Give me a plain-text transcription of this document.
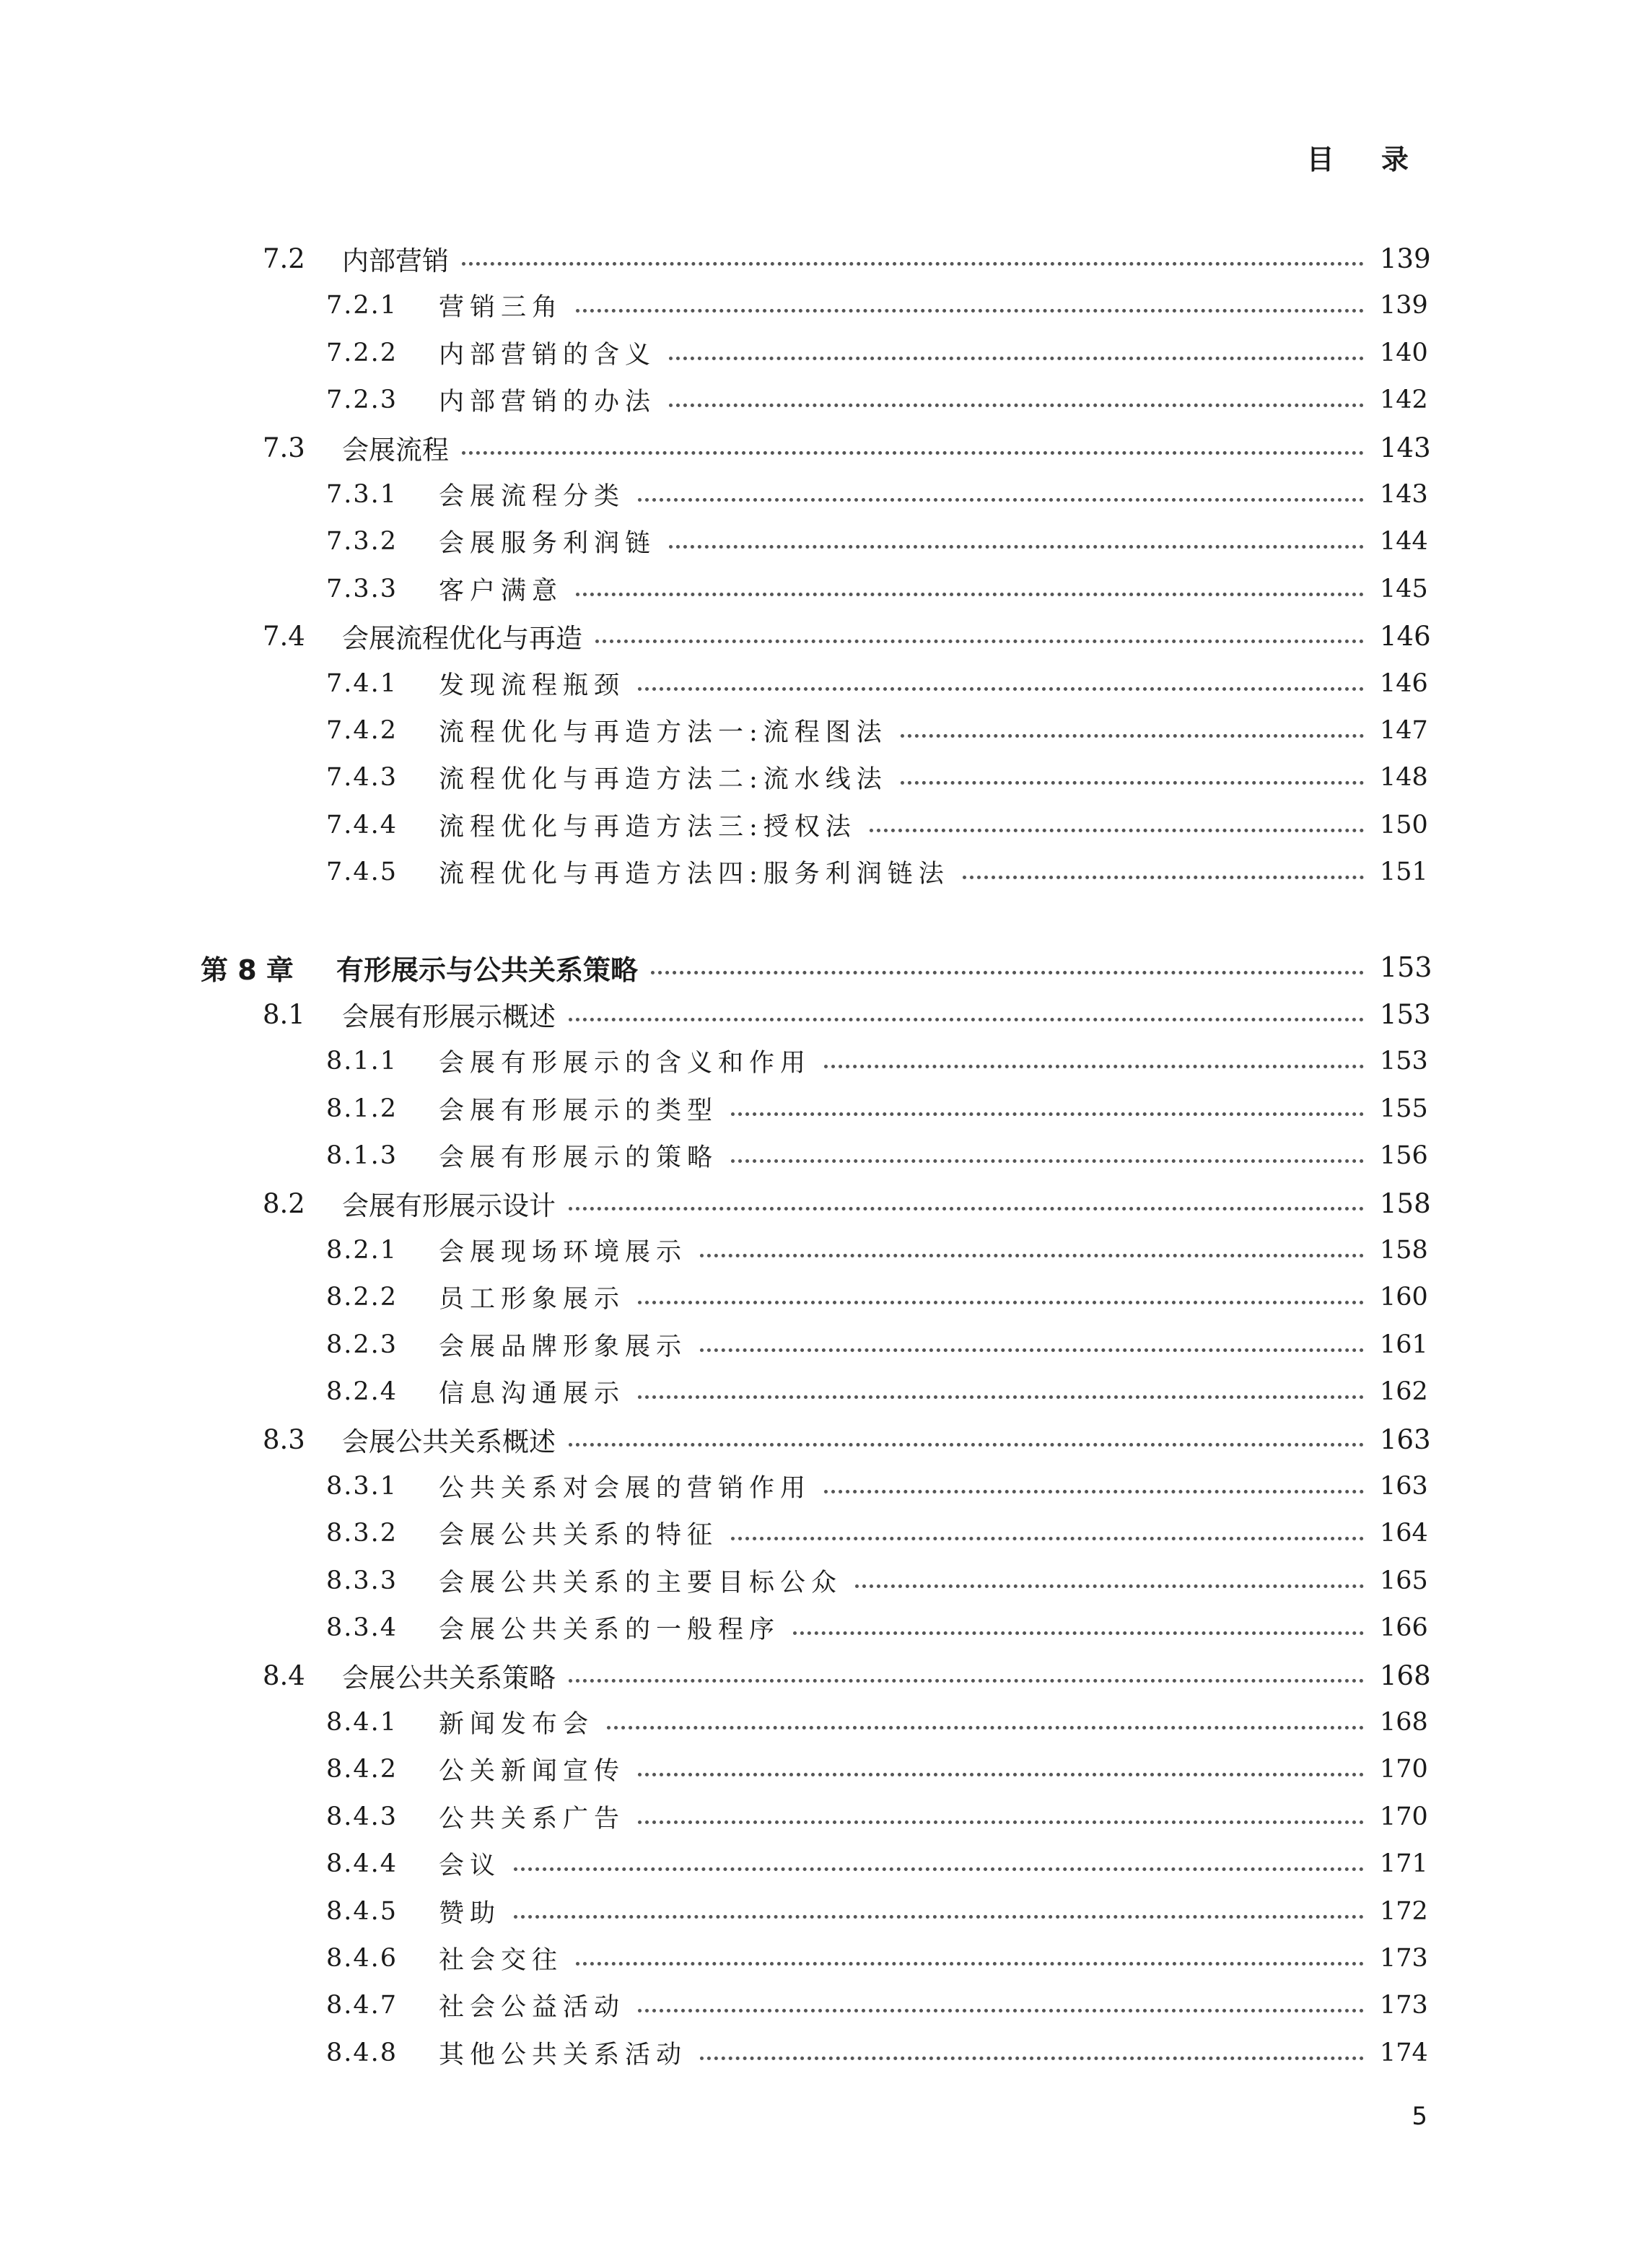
目 录
7.2	内部营销	139
7.2.1	营销三角	139
7.2.2	内部营销的含义	140
7.2.3	内部营销的办法	142
7.3	会展流程	143
7.3.1	会展流程分类	143
7.3.2	会展服务利润链	144
7.3.3	客户满意	145
7.4	会展流程优化与再造	146
7.4.1	发现流程瓶颈	146
7.4.2	流程优化与再造方法一:流程图法	147
7.4.3	流程优化与再造方法二:流水线法	148
7.4.4	流程优化与再造方法三:授权法	150
7.4.5	流程优化与再造方法四:服务利润链法	151
第 8 章	有形展示与公共关系策略	153
8.1	会展有形展示概述	153
8.1.1	会展有形展示的含义和作用	153
8.1.2	会展有形展示的类型	155
8.1.3	会展有形展示的策略	156
8.2	会展有形展示设计	158
8.2.1	会展现场环境展示	158
8.2.2	员工形象展示	160
8.2.3	会展品牌形象展示	161
8.2.4	信息沟通展示	162
8.3	会展公共关系概述	163
8.3.1	公共关系对会展的营销作用	163
8.3.2	会展公共关系的特征	164
8.3.3	会展公共关系的主要目标公众	165
8.3.4	会展公共关系的一般程序	166
8.4	会展公共关系策略	168
8.4.1	新闻发布会	168
8.4.2	公关新闻宣传	170
8.4.3	公共关系广告	170
8.4.4	会议	171
8.4.5	赞助	172
8.4.6	社会交往	173
8.4.7	社会公益活动	173
8.4.8	其他公共关系活动	174
5
